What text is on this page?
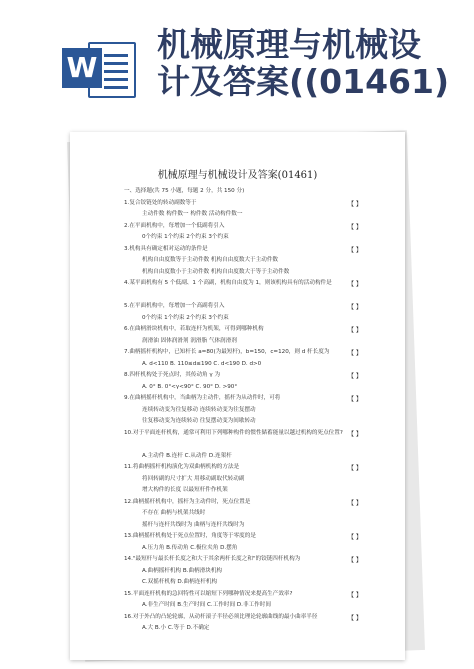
W
机械原理与机械设
计及答案((01461)
机械原理与机械设计及答案(01461)
一、选择题(共 75 小题，每题 2 分，共 150 分)
1.复合铰链处的转动副数等于
主动件数 构件数一 构件数 活动构件数一
2.在平面机构中，每增加一个低副将引入
0个约束 1个约束 2个约束 3个约束
3.机构具有确定相对运动的条件是
机构自由度数等于主动件数 机构自由度数大于主动件数
机构自由度数小于主动件数 机构自由度数大于等于主动件数
4.某平面机构有 5 个低副、1 个高副，机构自由度为 1，则该机构具有的活动构件是
5.在平面机构中，每增加一个高副将引入
0个约束 1个约束 2个约束 3个约束
6.在曲柄滑块机构中，若取连杆为机架，可得到哪种机构
润滑油 固体润滑剂 润滑脂 气体润滑剂
7.曲柄摇杆机构中，已知杆长 a=80(为最短杆)，b=150，c=120，则 d 杆长度为
A. d<110 B. 110≤d≤190 C. d<190 D. d>0
8.四杆机构处于死点时，其传动角 γ 为
A. 0° B. 0°<γ<90° C. 90° D. >90°
9.在曲柄摇杆机构中，当曲柄为主动件，摇杆为从动件时，可将
连续转动变为往复移动 连续转动变为往复摆动
往复移动变为连续转动 往复摆动变为间歇转动
10.对于平面连杆机构，通常可利用下列哪种构件的惯性储蓄能量以越过机构的死点位置?
A.主动件 B.连杆 C.从动件 D.连架杆
11.将曲柄摇杆机构演化为双曲柄机构的方法是
将回转副的尺寸扩大 用移动副取代转动副
增大构件的长度 以最短杆件作机架
12.曲柄摇杆机构中，摇杆为主动件时，死点位置是
不存在 曲柄与机架共线时
摇杆与连杆共线时为 曲柄与连杆共线时为
13.曲柄摇杆机构处于死点位置时，角度等于零度的是
A.压力角 B.传动角 C.极位夹角 D.摆角
14."最短杆与最长杆长度之和大于其余两杆长度之和"的铰链四杆机构为
A.曲柄摇杆机构 B.曲柄滑块机构
C.双摇杆机构 D.曲柄连杆机构
15.平面连杆机构的急回特性可以缩短下列哪种情况来提高生产效率?
A.非生产时间 B.生产时间 C.工作时间 D.非工作时间
16.对于外凸的凸轮轮廓，从动杆滚子半径必须比理论轮廓曲线的最小曲率半径
A.大 B.小 C.等于 D.不确定
【 】
【 】
【 】
【 】
【 】
【 】
【 】
【 】
【 】
【 】
【 】
【 】
【 】
【 】
【 】
【 】
